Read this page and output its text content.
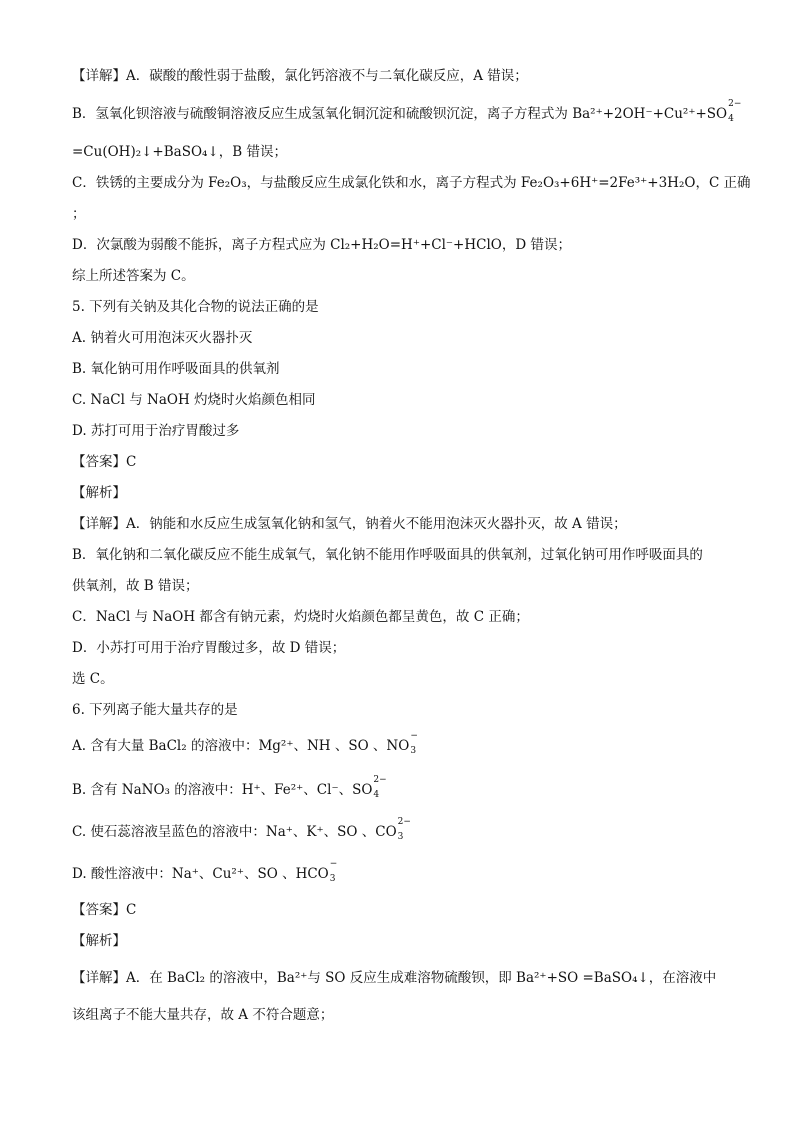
【详解】A．碳酸的酸性弱于盐酸，氯化钙溶液不与二氧化碳反应，A 错误；
B．氢氧化钡溶液与硫酸铜溶液反应生成氢氧化铜沉淀和硫酸钡沉淀，离子方程式为 Ba²⁺+2OH⁻+Cu²⁺+SO
2−
4
=Cu(OH)₂↓+BaSO₄↓，B 错误；
C．铁锈的主要成分为 Fe₂O₃，与盐酸反应生成氯化铁和水，离子方程式为 Fe₂O₃+6H⁺=2Fe³⁺+3H₂O，C 正确
；
D．次氯酸为弱酸不能拆，离子方程式应为 Cl₂+H₂O=H⁺+Cl⁻+HClO，D 错误；
综上所述答案为 C。
5. 下列有关钠及其化合物的说法正确的是
A. 钠着火可用泡沫灭火器扑灭
B. 氧化钠可用作呼吸面具的供氧剂
C. NaCl 与 NaOH 灼烧时火焰颜色相同
D. 苏打可用于治疗胃酸过多
【答案】C
【解析】
【详解】A．钠能和水反应生成氢氧化钠和氢气，钠着火不能用泡沫灭火器扑灭，故 A 错误；
B．氧化钠和二氧化碳反应不能生成氧气，氧化钠不能用作呼吸面具的供氧剂，过氧化钠可用作呼吸面具的
供氧剂，故 B 错误；
C．NaCl 与 NaOH 都含有钠元素，灼烧时火焰颜色都呈黄色，故 C 正确；
D．小苏打可用于治疗胃酸过多，故 D 错误；
选 C。
6. 下列离子能大量共存的是
A. 含有大量 BaCl₂ 的溶液中：Mg²⁺、NH 、SO 、NO
−
3
B. 含有 NaNO₃ 的溶液中：H⁺、Fe²⁺、Cl⁻、SO
2−
4
C. 使石蕊溶液呈蓝色的溶液中：Na⁺、K⁺、SO 、CO
2−
3
D. 酸性溶液中：Na⁺、Cu²⁺、SO 、HCO
−
3
【答案】C
【解析】
【详解】A．在 BaCl₂ 的溶液中，Ba²⁺与 SO 反应生成难溶物硫酸钡，即 Ba²⁺+SO =BaSO₄↓，在溶液中
该组离子不能大量共存，故 A 不符合题意；
